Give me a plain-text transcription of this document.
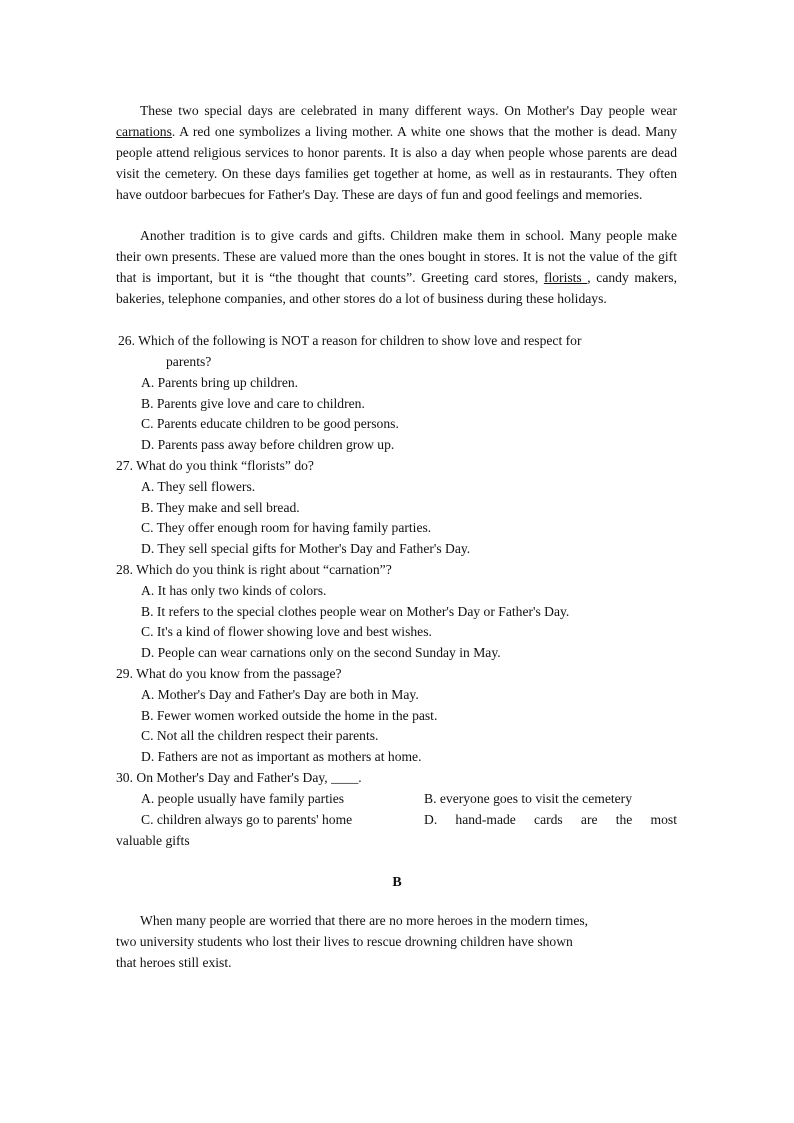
These two special days are celebrated in many different ways. On Mother's Day people wear carnations. A red one symbolizes a living mother. A white one shows that the mother is dead. Many people attend religious services to honor parents. It is also a day when people whose parents are dead visit the cemetery. On these days families get together at home, as well as in restaurants. They often have outdoor barbecues for Father's Day. These are days of fun and good feelings and memories.

Another tradition is to give cards and gifts. Children make them in school. Many people make their own presents. These are valued more than the ones bought in stores. It is not the value of the gift that is important, but it is “the thought that counts”. Greeting card stores, florists , candy makers, bakeries, telephone companies, and other stores do a lot of business during these holidays.

26. Which of the following is NOT a reason for children to show love and respect for

parents?

A. Parents bring up children.

B. Parents give love and care to children.

C. Parents educate children to be good persons.

D. Parents pass away before children grow up.

27. What do you think “florists” do?

A. They sell flowers.

B. They make and sell bread.

C. They offer enough room for having family parties.

D. They sell special gifts for Mother's Day and Father's Day.

28. Which do you think is right about “carnation”?

A. It has only two kinds of colors.

B. It refers to the special clothes people wear on Mother's Day or Father's Day.

C. It's a kind of flower showing love and best wishes.

D. People can wear carnations only on the second Sunday in May.

29. What do you know from the passage?

A. Mother's Day and Father's Day are both in May.

B. Fewer women worked outside the home in the past.

C. Not all the children respect their parents.

D. Fathers are not as important as mothers at home.

30. On Mother's Day and Father's Day, ____.

A. people usually have family parties	B. everyone goes to visit the cemetery

C. children always go to parents' home	D. hand-made cards are the most

valuable gifts

B

When many people are worried that there are no more heroes in the modern times,

two university students who lost their lives to rescue drowning children have shown

that heroes still exist.
